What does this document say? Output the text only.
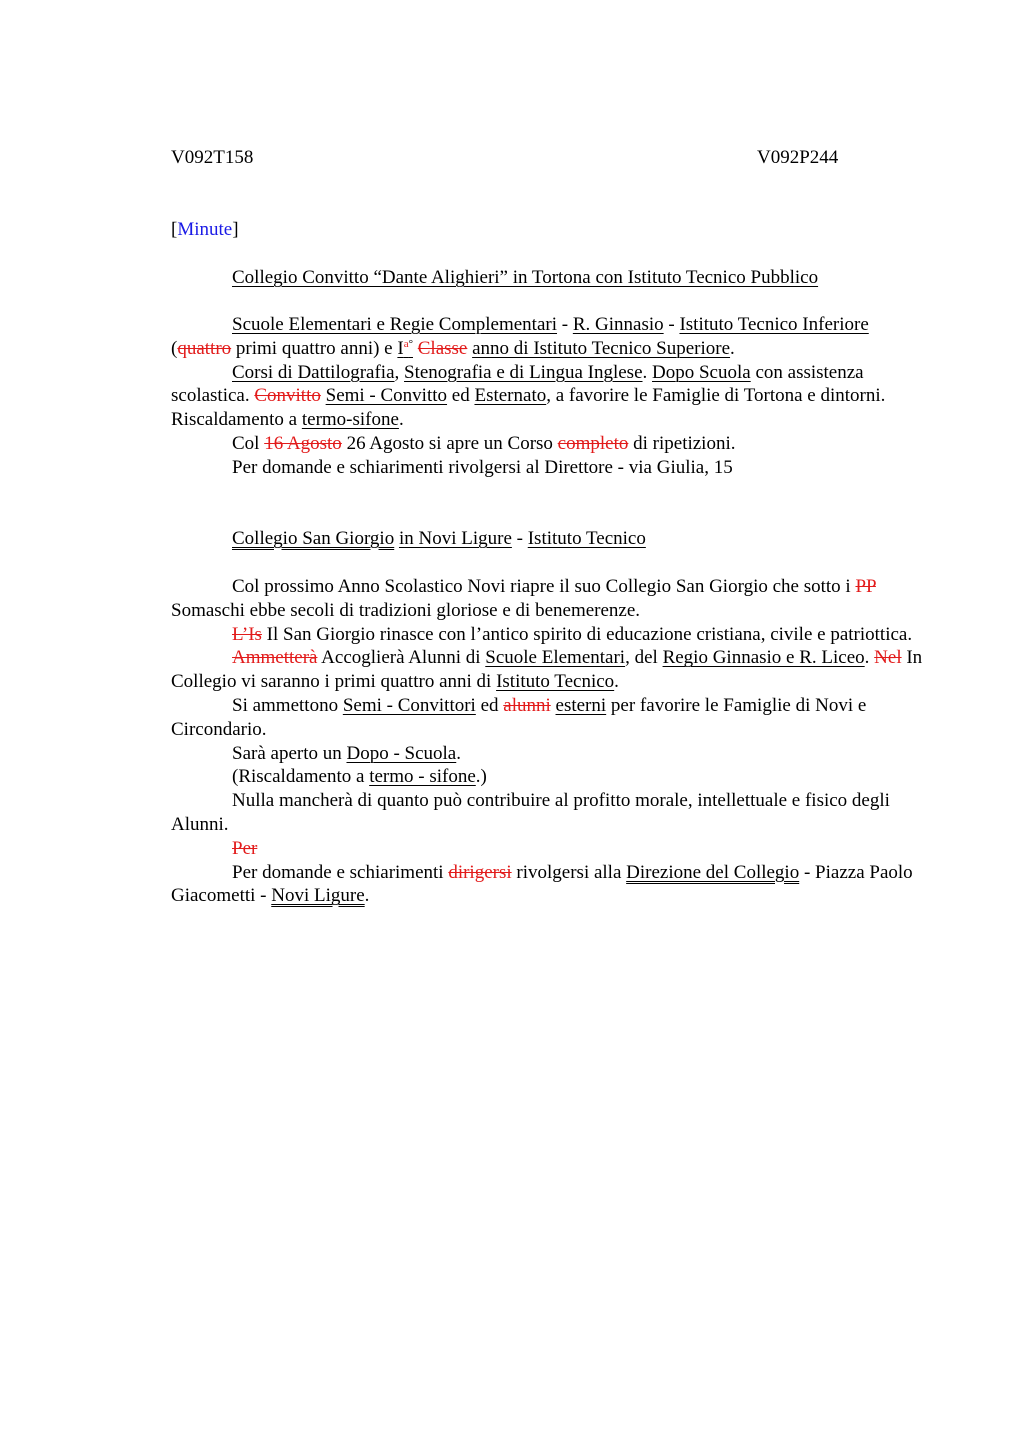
V092T158	V092P244
[Minute]

Collegio Convitto “Dante Alighieri” in Tortona con Istituto Tecnico Pubblico

Scuole Elementari e Regie Complementari - R. Ginnasio - Istituto Tecnico Inferiore (quattro primi quattro anni) e $I^{a^\circ}$ Classe anno di Istituto Tecnico Superiore.

Corsi di Dattilografia, Stenografia e di Lingua Inglese. Dopo Scuola con assistenza scolastica. Convitto Semi - Convitto ed Esternato, a favorire le Famiglie di Tortona e dintorni. Riscaldamento a termo-sifone.

Col 16 Agosto 26 Agosto si apre un Corso completo di ripetizioni.

Per domande e schiarimenti rivolgersi al Direttore - via Giulia, 15

Collegio San Giorgio in Novi Ligure - Istituto Tecnico

Col prossimo Anno Scolastico Novi riapre il suo Collegio San Giorgio che sotto i PP Somaschi ebbe secoli di tradizioni gloriose e di benemerenze.

L’Is Il San Giorgio rinasce con l’antico spirito di educazione cristiana, civile e patriottica.

Ammetterà Accoglierà Alunni di Scuole Elementari, del Regio Ginnasio e R. Liceo. Nel In Collegio vi saranno i primi quattro anni di Istituto Tecnico.

Si ammettono Semi - Convittori ed alunni esterni per favorire le Famiglie di Novi e Circondario.

Sarà aperto un Dopo - Scuola.

(Riscaldamento a termo - sifone.)

Nulla mancherà di quanto può contribuire al profitto morale, intellettuale e fisico degli Alunni.

Per

Per domande e schiarimenti dirigersi rivolgersi alla Direzione del Collegio - Piazza Paolo Giacometti - Novi Ligure.
